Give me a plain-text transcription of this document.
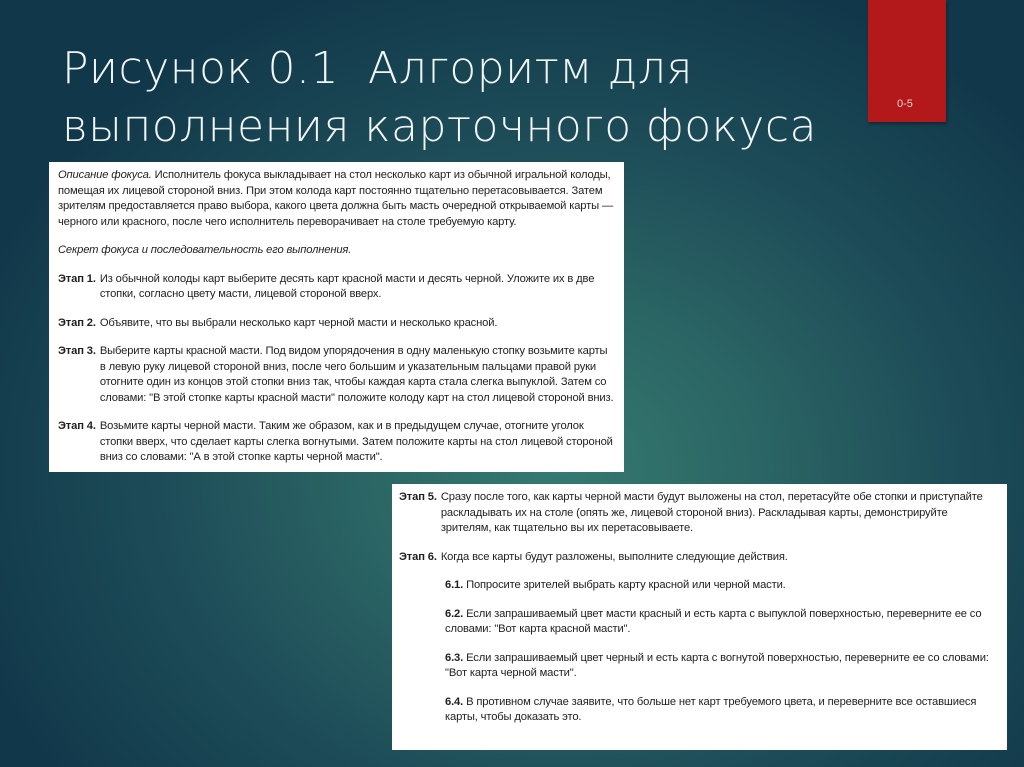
0-5
Рисунок 0.1  Алгоритм для
выполнения карточного фокуса

Описание фокуса. Исполнитель фокуса выкладывает на стол несколько карт из обычной игральной колоды, помещая их лицевой стороной вниз. При этом колода карт постоянно тщательно перетасовывается. Затем зрителям предоставляется право выбора, какого цвета должна быть масть очередной открываемой карты — черного или красного, после чего исполнитель переворачивает на столе требуемую карту.

Секрет фокуса и последовательность его выполнения.

Этап 1. Из обычной колоды карт выберите десять карт красной масти и десять черной. Уложите их в две стопки, согласно цвету масти, лицевой стороной вверх.
Этап 2. Объявите, что вы выбрали несколько карт черной масти и несколько красной.
Этап 3. Выберите карты красной масти. Под видом упорядочения в одну маленькую стопку возьмите карты в левую руку лицевой стороной вниз, после чего большим и указательным пальцами правой руки отогните один из концов этой стопки вниз так, чтобы каждая карта стала слегка выпуклой. Затем со словами: "В этой стопке карты красной масти" положите колоду карт на стол лицевой стороной вниз.
Этап 4. Возьмите карты черной масти. Таким же образом, как и в предыдущем случае, отогните уголок стопки вверх, что сделает карты слегка вогнутыми. Затем положите карты на стол лицевой стороной вниз со словами: "А в этой стопке карты черной масти".
Этап 5. Сразу после того, как карты черной масти будут выложены на стол, перетасуйте обе стопки и приступайте раскладывать их на столе (опять же, лицевой стороной вниз). Раскладывая карты, демонстрируйте зрителям, как тщательно вы их перетасовываете.
Этап 6. Когда все карты будут разложены, выполните следующие действия.

6.1. Попросите зрителей выбрать карту красной или черной масти.

6.2. Если запрашиваемый цвет масти красный и есть карта с выпуклой поверхностью, переверните ее со словами: "Вот карта красной масти".

6.3. Если запрашиваемый цвет черный и есть карта с вогнутой поверхностью, переверните ее со словами: "Вот карта черной масти".

6.4. В противном случае заявите, что больше нет карт требуемого цвета, и переверните все оставшиеся карты, чтобы доказать это.
